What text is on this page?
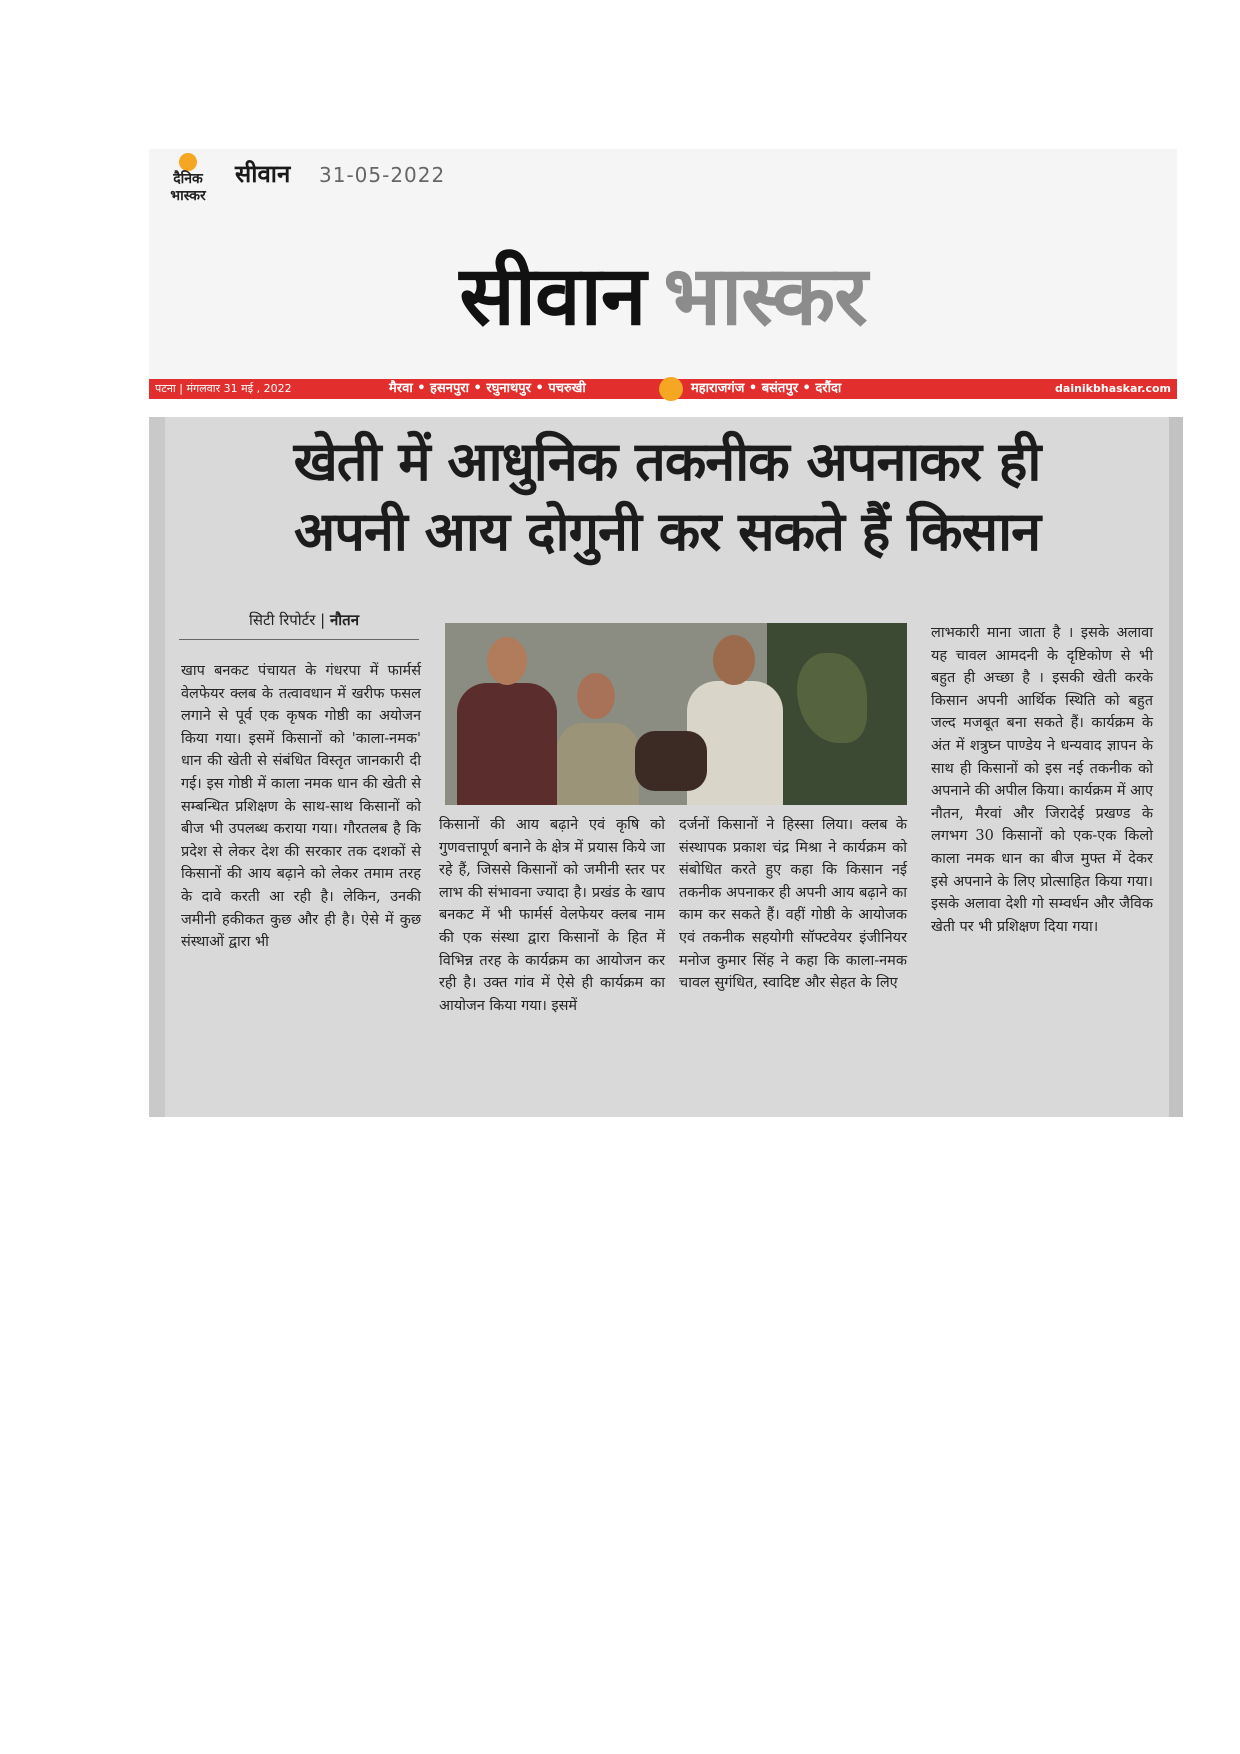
दैनिक भास्कर
सीवान 31-05-2022
सीवान भास्कर
पटना | मंगलवार 31 मई , 2022	मैरवा • हसनपुरा • रघुनाथपुर • पचरुखी	महाराजगंज • बसंतपुर • दरौंदा	dainikbhaskar.com
खेती में आधुनिक तकनीक अपनाकर ही
अपनी आय दोगुनी कर सकते हैं किसान
सिटी रिपोर्टर | नौतन

खाप बनकट पंचायत के गंधरपा में फार्मर्स वेलफेयर क्लब के तत्वावधान में खरीफ फसल लगाने से पूर्व एक कृषक गोष्ठी का अयोजन किया गया। इसमें किसानों को 'काला-नमक' धान की खेती से संबंधित विस्तृत जानकारी दी गई। इस गोष्ठी में काला नमक धान की खेती से सम्बन्धित प्रशिक्षण के साथ-साथ किसानों को बीज भी उपलब्ध कराया गया। गौरतलब है कि प्रदेश से लेकर देश की सरकार तक दशकों से किसानों की आय बढ़ाने को लेकर तमाम तरह के दावे करती आ रही है। लेकिन, उनकी जमीनी हकीकत कुछ और ही है। ऐसे में कुछ संस्थाओं द्वारा भी

किसानों की आय बढ़ाने एवं कृषि को गुणवत्तापूर्ण बनाने के क्षेत्र में प्रयास किये जा रहे हैं, जिससे किसानों को जमीनी स्तर पर लाभ की संभावना ज्यादा है। प्रखंड के खाप बनकट में भी फार्मर्स वेलफेयर क्लब नाम की एक संस्था द्वारा किसानों के हित में विभिन्न तरह के कार्यक्रम का आयोजन कर रही है। उक्त गांव में ऐसे ही कार्यक्रम का आयोजन किया गया। इसमें

दर्जनों किसानों ने हिस्सा लिया। क्लब के संस्थापक प्रकाश चंद्र मिश्रा ने कार्यक्रम को संबोधित करते हुए कहा कि किसान नई तकनीक अपनाकर ही अपनी आय बढ़ाने का काम कर सकते हैं। वहीं गोष्ठी के आयोजक एवं तकनीक सहयोगी सॉफ्टवेयर इंजीनियर मनोज कुमार सिंह ने कहा कि काला-नमक चावल सुगंधित, स्वादिष्ट और सेहत के लिए

लाभकारी माना जाता है । इसके अलावा यह चावल आमदनी के दृष्टिकोण से भी बहुत ही अच्छा है । इसकी खेती करके किसान अपनी आर्थिक स्थिति को बहुत जल्द मजबूत बना सकते हैं। कार्यक्रम के अंत में शत्रुघ्न पाण्डेय ने धन्यवाद ज्ञापन के साथ ही किसानों को इस नई तकनीक को अपनाने की अपील किया। कार्यक्रम में आए नौतन, मैरवां और जिरादेई प्रखण्ड के लगभग 30 किसानों को एक-एक किलो काला नमक धान का बीज मुफ्त में देकर इसे अपनाने के लिए प्रोत्साहित किया गया। इसके अलावा देशी गो सम्वर्धन और जैविक खेती पर भी प्रशिक्षण दिया गया।
